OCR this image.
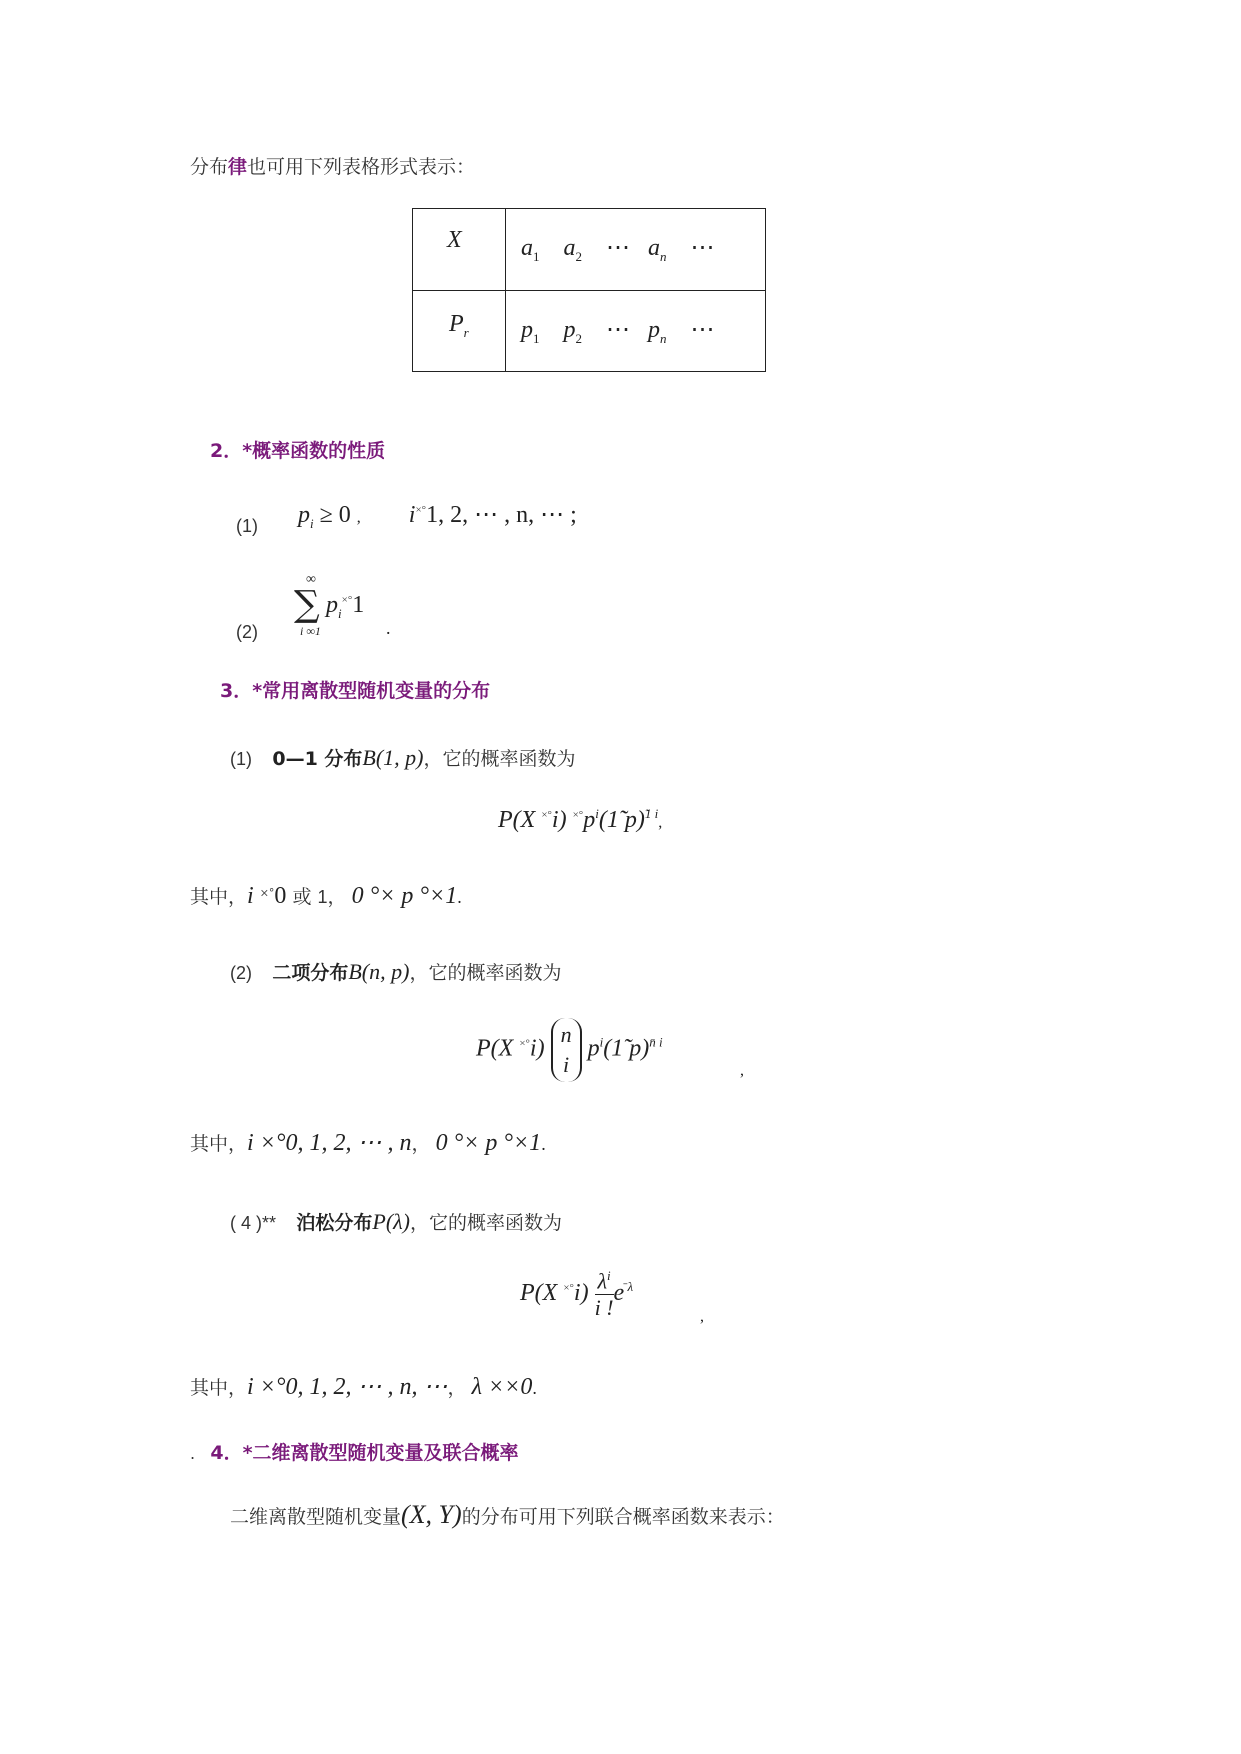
分布律也可用下列表格形式表示：
X $a_1$ $a_2$ ⋯ $a_n$ ⋯
$P_r$ $p_1$ $p_2$ ⋯ $p_n$ ⋯
2．*概率函数的性质
(1) $p_i \ge 0$ , i×°1, 2, ⋯ , n, ⋯ ;
(2)
∞
∑
i ∞1
$p_i^{\times^\circ}1$
.
3．*常用离散型随机变量的分布
(1) 0—1 分布B(1, p)，它的概率函数为
P(X ×°i) $^{\times^\circ}p^i(1̃$ p)$^{̃1 i}$,
其中，i ×°0 或 1， 0 °× p °×1.
(2) 二项分布B(n, p)，它的概率函数为
P(X ×°i)
n
i
$p^i(1̃$ p)$^{n̄ i}$
,
其中，i ×°0, 1, 2, ⋯ , n， 0 °× p °×1.
( 4 )** 泊松分布P(λ)，它的概率函数为
P(X $^{\times^\circ}i) \frac{\lambda^i}{i !} e^{̄ \lambda}$
,
其中，i ×°0, 1, 2, ⋯ , n, ⋯， λ ××0.
. 4．*二维离散型随机变量及联合概率
二维离散型随机变量(X, Y)的分布可用下列联合概率函数来表示：
